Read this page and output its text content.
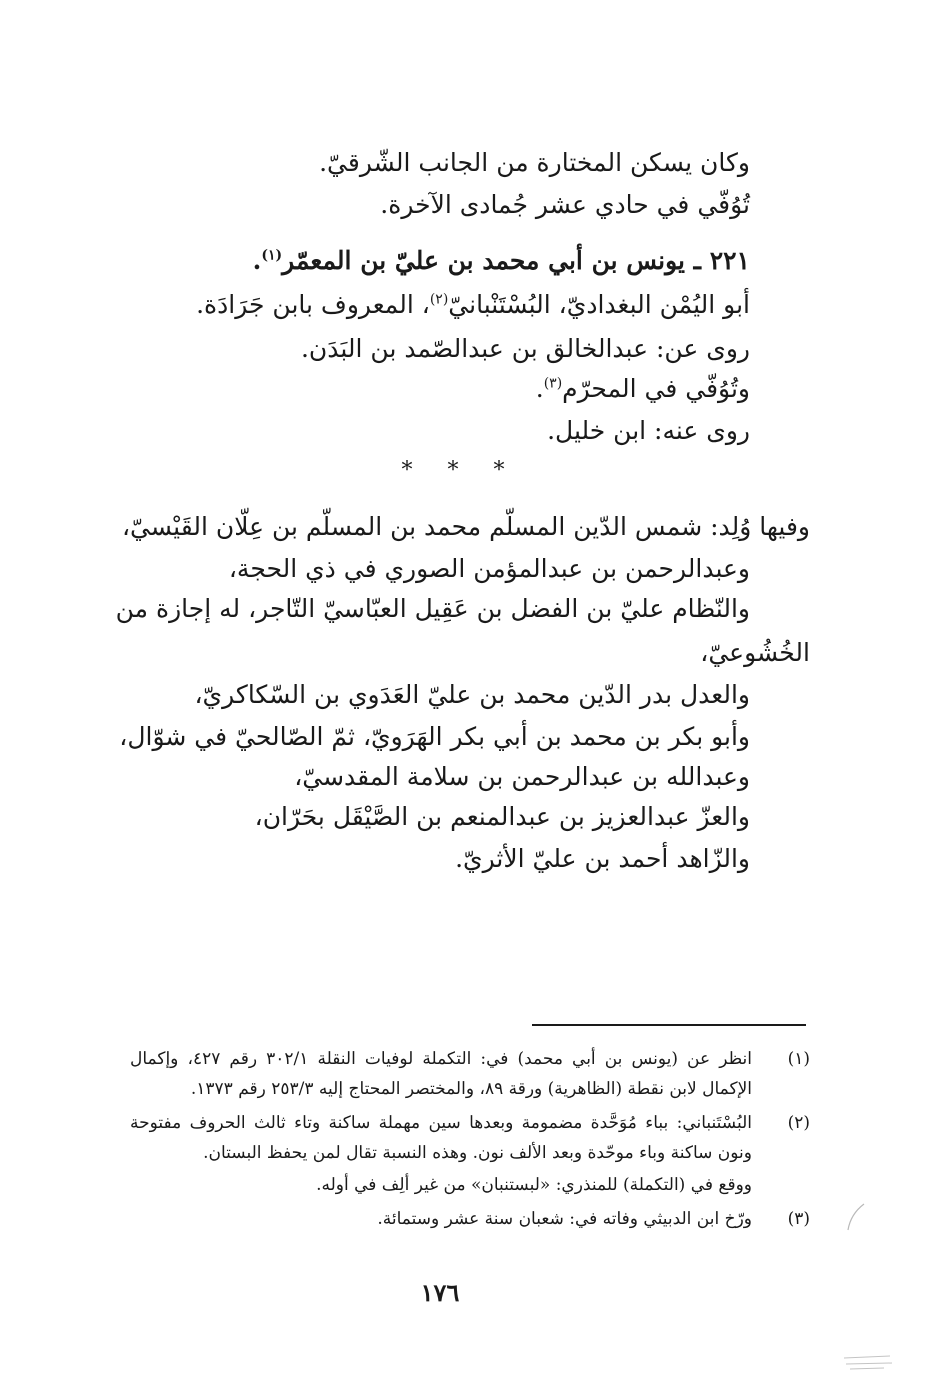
وكان يسكن المختارة من الجانب الشّرقيّ.
تُوُفّي في حادي عشر جُمادى الآخرة.
٢٢١ ـ يونس بن أبي محمد بن عليّ بن المعمّر$^{(١)}$.
أبو اليُمْن البغداديّ، البُسْتَنْبانيّ$^{(٢)}$، المعروف بابن جَرَادَة.
روى عن: عبدالخالق بن عبدالصّمد بن البَدَن.
وتُوُفّي في المحرّم$^{(٣)}$.
روى عنه: ابن خليل.
* * *
وفيها وُلِد: شمس الدّين المسلّم محمد بن المسلّم بن عِلّان القَيْسيّ،
وعبدالرحمن بن عبدالمؤمن الصوري في ذي الحجة،
والنّظام عليّ بن الفضل بن عَقِيل العبّاسيّ التّاجر، له إجازة من
الخُشُوعيّ،
والعدل بدر الدّين محمد بن عليّ العَدَوي بن السّكاكريّ،
وأبو بكر بن محمد بن أبي بكر الهَرَويّ، ثمّ الصّالحيّ في شوّال،
وعبدالله بن عبدالرحمن بن سلامة المقدسيّ،
والعزّ عبدالعزيز بن عبدالمنعم بن الصَّيْقَل بحَرّان،
والزّاهد أحمد بن عليّ الأثريّ.
(١)
انظر عن (يونس بن أبي محمد) في: التكملة لوفيات النقلة ٣٠٢/١ رقم ٤٢٧، وإكمال
الإكمال لابن نقطة (الظاهرية) ورقة ٨٩، والمختصر المحتاج إليه ٢٥٣/٣ رقم ١٣٧٣.
(٢)
البُسْتَنباني: بباء مُوَحَّدة مضمومة وبعدها سين مهملة ساكنة وتاء ثالث الحروف مفتوحة
ونون ساكنة وباء موحّدة وبعد الألف نون. وهذه النسبة تقال لمن يحفظ البستان.
ووقع في (التكملة) للمنذري: «لبستنبان» من غير ألِف في أوله.
(٣)
ورّخ ابن الدبيثي وفاته في: شعبان سنة عشر وستمائة.
١٧٦
